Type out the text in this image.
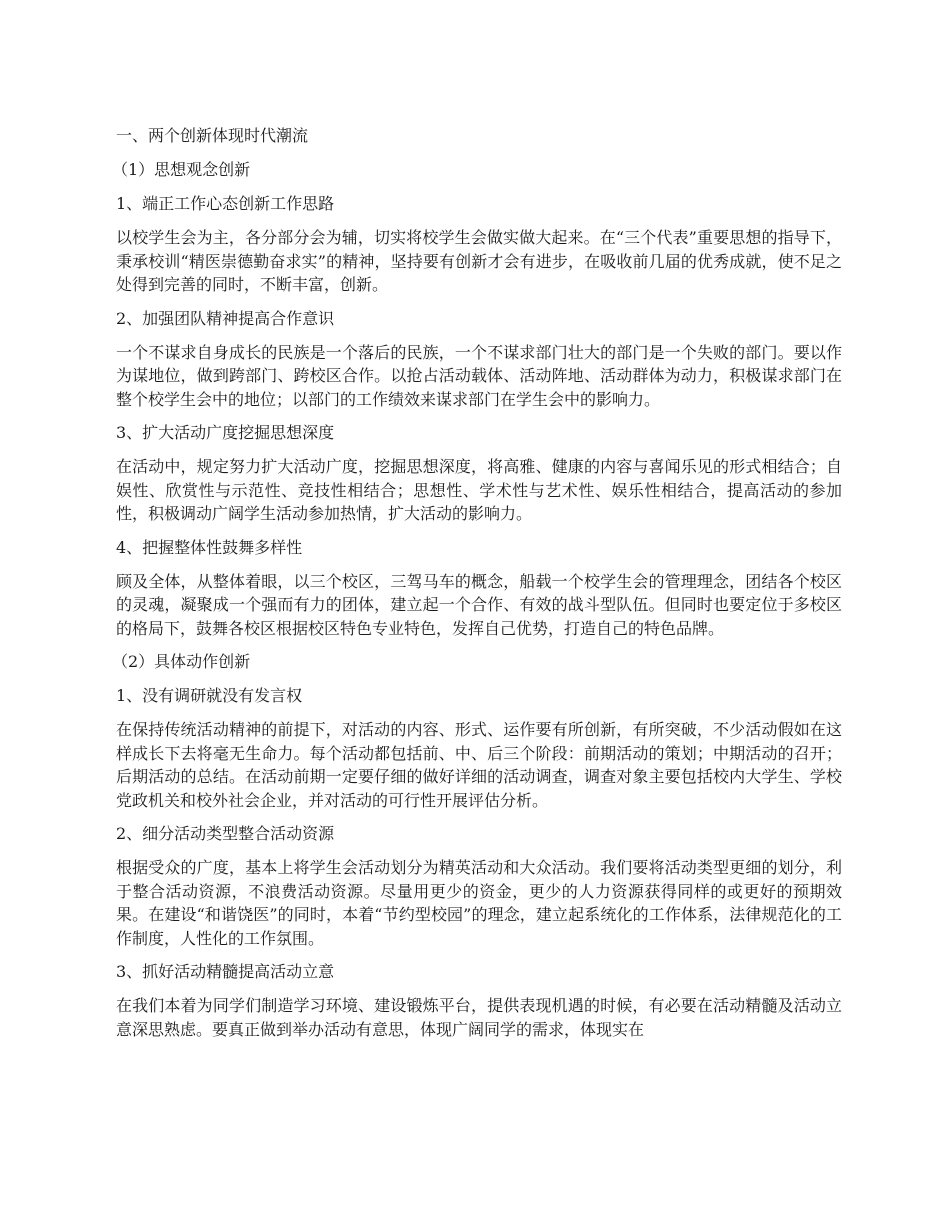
一、两个创新体现时代潮流
（1）思想观念创新
1、端正工作心态创新工作思路
以校学生会为主，各分部分会为辅，切实将校学生会做实做大起来。在“三个代表”重要思想的指导下，秉承校训“精医崇德勤奋求实”的精神，坚持要有创新才会有进步，在吸收前几届的优秀成就，使不足之处得到完善的同时，不断丰富，创新。
2、加强团队精神提高合作意识
一个不谋求自身成长的民族是一个落后的民族，一个不谋求部门壮大的部门是一个失败的部门。要以作为谋地位，做到跨部门、跨校区合作。以抢占活动载体、活动阵地、活动群体为动力，积极谋求部门在整个校学生会中的地位；以部门的工作绩效来谋求部门在学生会中的影响力。
3、扩大活动广度挖掘思想深度
在活动中，规定努力扩大活动广度，挖掘思想深度，将高雅、健康的内容与喜闻乐见的形式相结合；自娱性、欣赏性与示范性、竞技性相结合；思想性、学术性与艺术性、娱乐性相结合，提高活动的参加性，积极调动广阔学生活动参加热情，扩大活动的影响力。
4、把握整体性鼓舞多样性
顾及全体，从整体着眼，以三个校区，三驾马车的概念，船载一个校学生会的管理理念，团结各个校区的灵魂，凝聚成一个强而有力的团体，建立起一个合作、有效的战斗型队伍。但同时也要定位于多校区的格局下，鼓舞各校区根据校区特色专业特色，发挥自己优势，打造自己的特色品牌。
（2）具体动作创新
1、没有调研就没有发言权
在保持传统活动精神的前提下，对活动的内容、形式、运作要有所创新，有所突破，不少活动假如在这样成长下去将毫无生命力。每个活动都包括前、中、后三个阶段：前期活动的策划；中期活动的召开；后期活动的总结。在活动前期一定要仔细的做好详细的活动调查，调查对象主要包括校内大学生、学校党政机关和校外社会企业，并对活动的可行性开展评估分析。
2、细分活动类型整合活动资源
根据受众的广度，基本上将学生会活动划分为精英活动和大众活动。我们要将活动类型更细的划分，利于整合活动资源，不浪费活动资源。尽量用更少的资金，更少的人力资源获得同样的或更好的预期效果。在建设“和谐饶医”的同时，本着“节约型校园”的理念，建立起系统化的工作体系，法律规范化的工作制度，人性化的工作氛围。
3、抓好活动精髓提高活动立意
在我们本着为同学们制造学习环境、建设锻炼平台，提供表现机遇的时候，有必要在活动精髓及活动立意深思熟虑。要真正做到举办活动有意思，体现广阔同学的需求，体现实在
